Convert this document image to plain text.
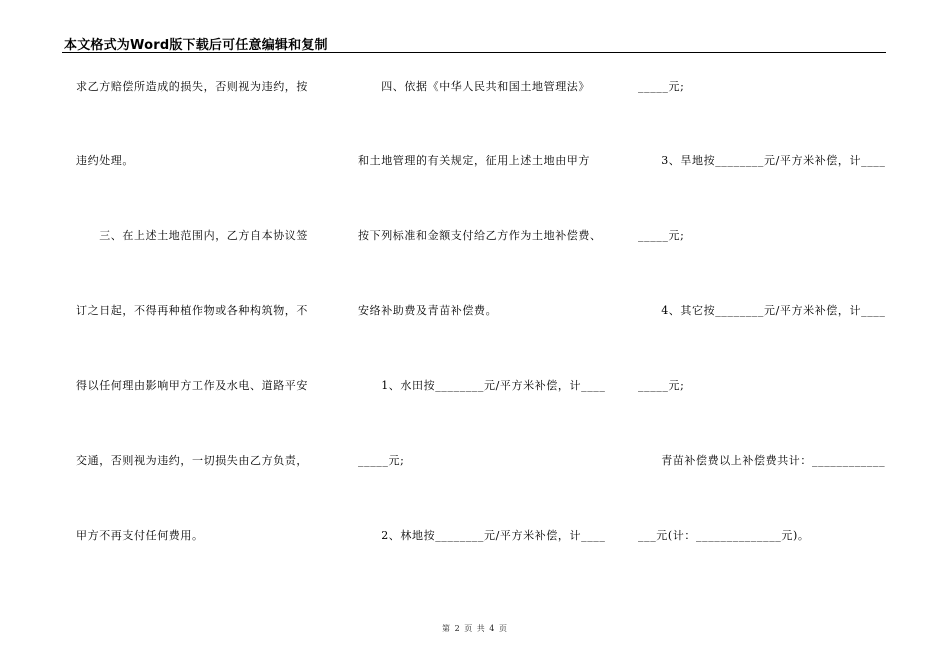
本文格式为Word版下载后可任意编辑和复制
求乙方赔偿所造成的损失，否则视为违约，按
违约处理。
　　三、在上述土地范围内，乙方自本协议签
订之日起，不得再种植作物或各种构筑物，不
得以任何理由影响甲方工作及水电、道路平安
交通，否则视为违约，一切损失由乙方负责，
甲方不再支付任何费用。
　　四、依据《中华人民共和国土地管理法》
和土地管理的有关规定，征用上述土地由甲方
按下列标准和金额支付给乙方作为土地补偿费、
安络补助费及青苗补偿费。
　　1、水田按________元/平方米补偿，计____
_____元;
　　2、林地按________元/平方米补偿，计____
_____元;
　　3、旱地按________元/平方米补偿，计____
_____元;
　　4、其它按________元/平方米补偿，计____
_____元;
　　青苗补偿费以上补偿费共计：____________
___元(计：______________元)。
第 2 页 共 4 页
